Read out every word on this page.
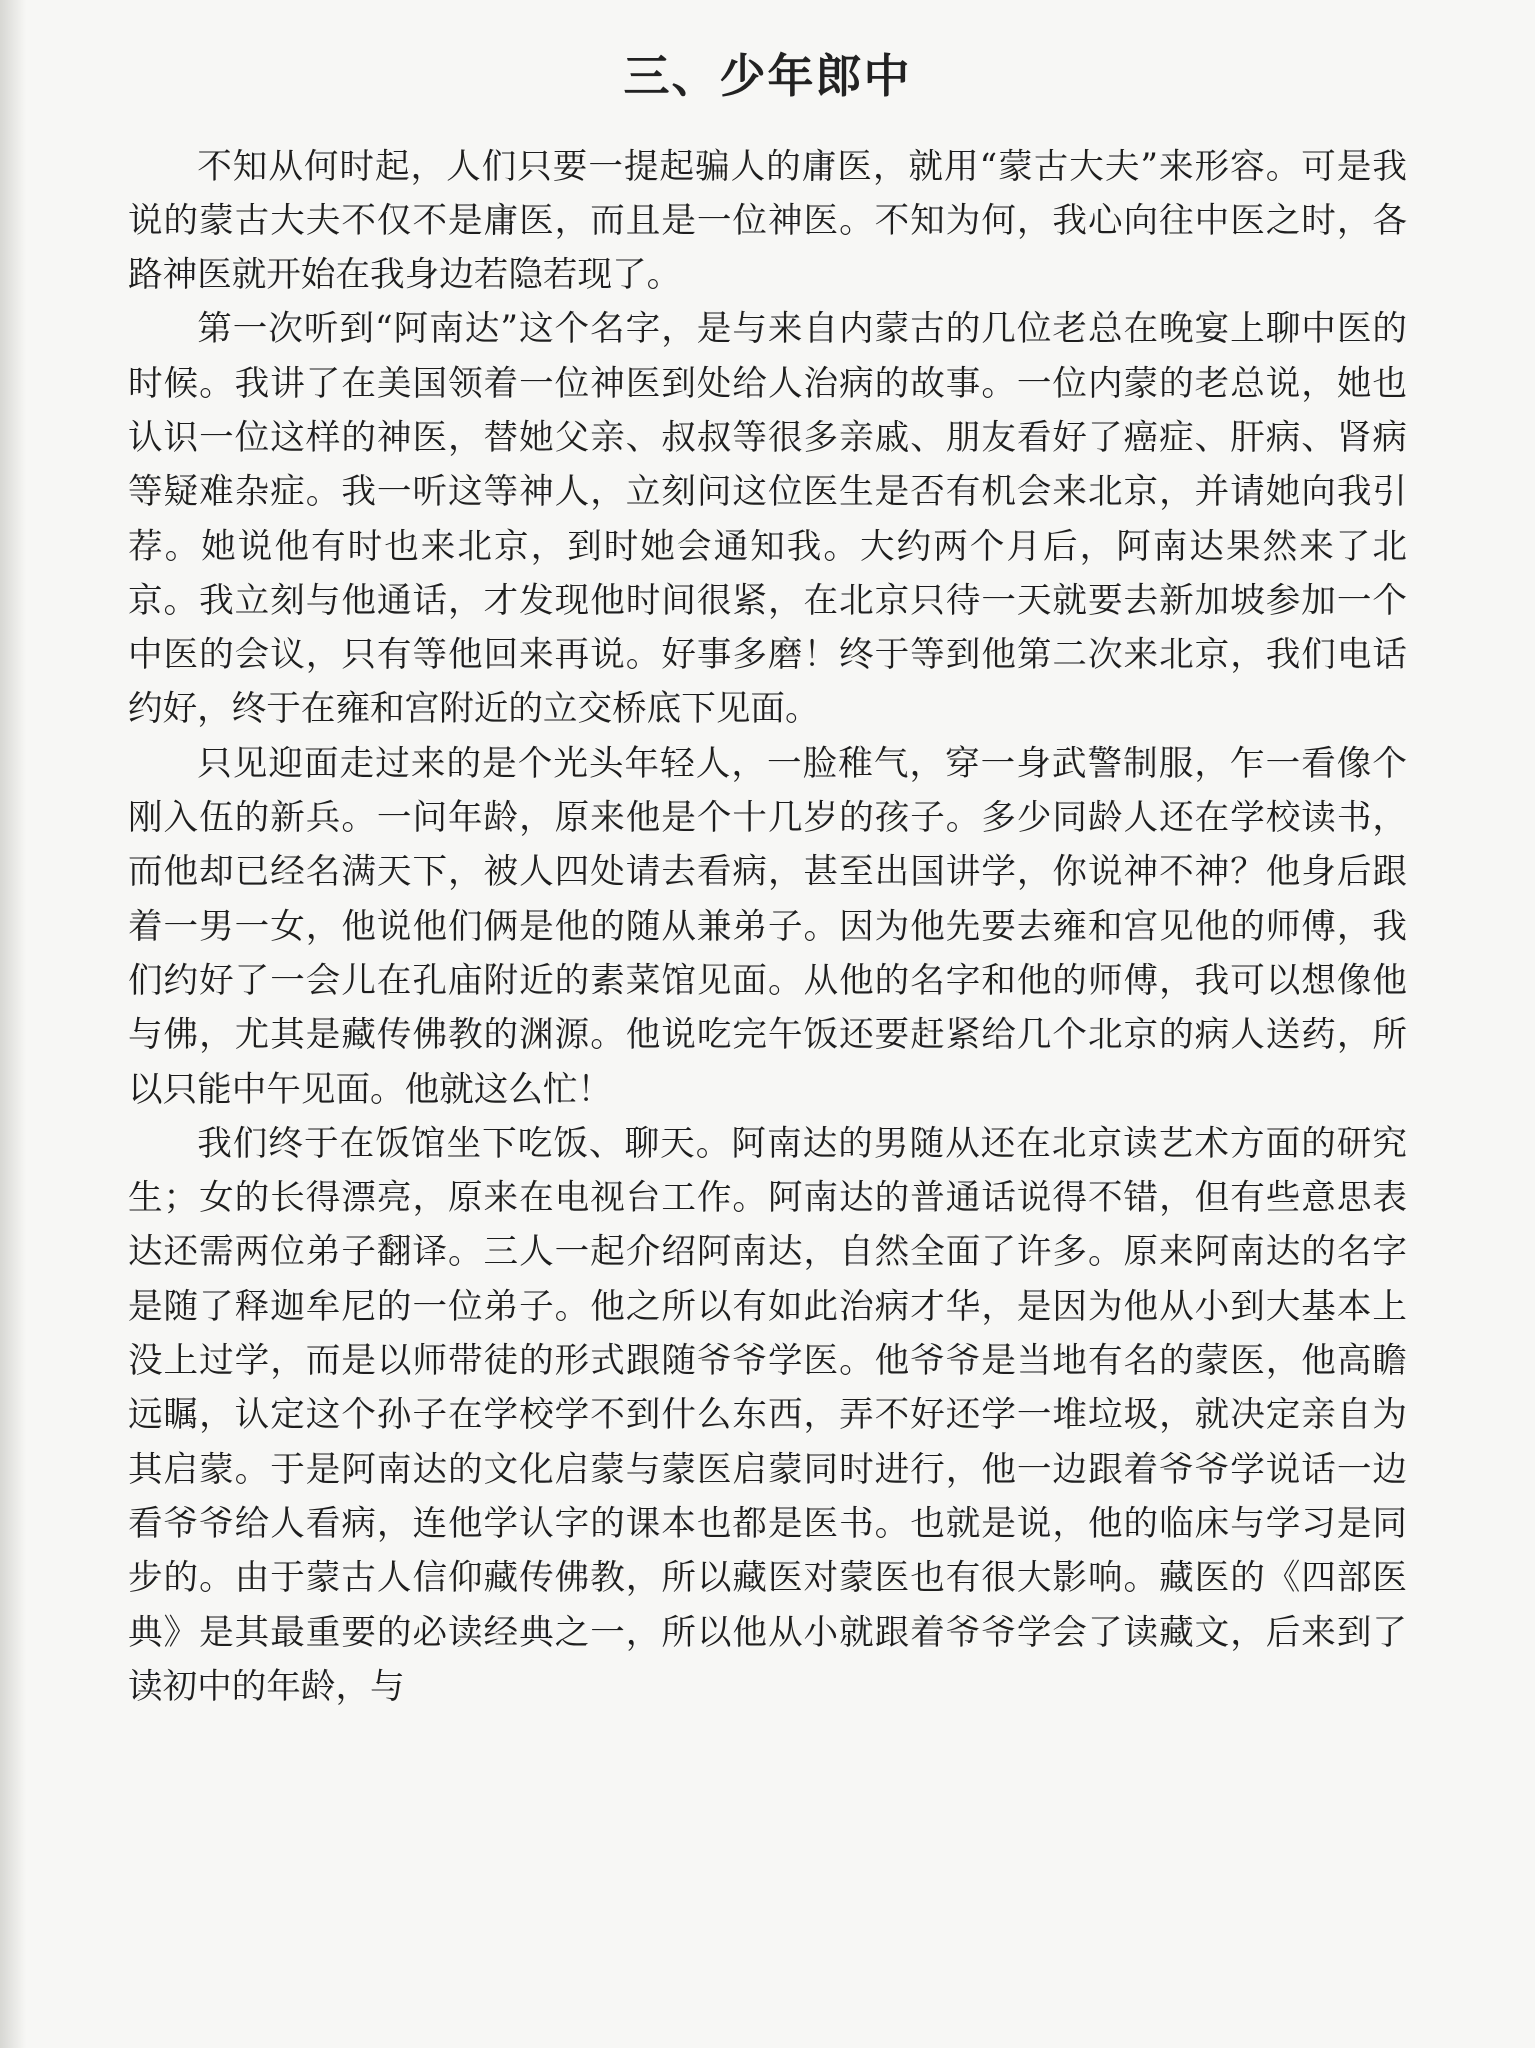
三、少年郎中

不知从何时起，人们只要一提起骗人的庸医，就用“蒙古大夫”来形容。可是我说的蒙古大夫不仅不是庸医，而且是一位神医。不知为何，我心向往中医之时，各路神医就开始在我身边若隐若现了。

第一次听到“阿南达”这个名字，是与来自内蒙古的几位老总在晚宴上聊中医的时候。我讲了在美国领着一位神医到处给人治病的故事。一位内蒙的老总说，她也认识一位这样的神医，替她父亲、叔叔等很多亲戚、朋友看好了癌症、肝病、肾病等疑难杂症。我一听这等神人，立刻问这位医生是否有机会来北京，并请她向我引荐。她说他有时也来北京，到时她会通知我。大约两个月后，阿南达果然来了北京。我立刻与他通话，才发现他时间很紧，在北京只待一天就要去新加坡参加一个中医的会议，只有等他回来再说。好事多磨！终于等到他第二次来北京，我们电话约好，终于在雍和宫附近的立交桥底下见面。

只见迎面走过来的是个光头年轻人，一脸稚气，穿一身武警制服，乍一看像个刚入伍的新兵。一问年龄，原来他是个十几岁的孩子。多少同龄人还在学校读书，而他却已经名满天下，被人四处请去看病，甚至出国讲学，你说神不神？他身后跟着一男一女，他说他们俩是他的随从兼弟子。因为他先要去雍和宫见他的师傅，我们约好了一会儿在孔庙附近的素菜馆见面。从他的名字和他的师傅，我可以想像他与佛，尤其是藏传佛教的渊源。他说吃完午饭还要赶紧给几个北京的病人送药，所以只能中午见面。他就这么忙！

我们终于在饭馆坐下吃饭、聊天。阿南达的男随从还在北京读艺术方面的研究生；女的长得漂亮，原来在电视台工作。阿南达的普通话说得不错，但有些意思表达还需两位弟子翻译。三人一起介绍阿南达，自然全面了许多。原来阿南达的名字是随了释迦牟尼的一位弟子。他之所以有如此治病才华，是因为他从小到大基本上没上过学，而是以师带徒的形式跟随爷爷学医。他爷爷是当地有名的蒙医，他高瞻远瞩，认定这个孙子在学校学不到什么东西，弄不好还学一堆垃圾，就决定亲自为其启蒙。于是阿南达的文化启蒙与蒙医启蒙同时进行，他一边跟着爷爷学说话一边看爷爷给人看病，连他学认字的课本也都是医书。也就是说，他的临床与学习是同步的。由于蒙古人信仰藏传佛教，所以藏医对蒙医也有很大影响。藏医的《四部医典》是其最重要的必读经典之一，所以他从小就跟着爷爷学会了读藏文，后来到了读初中的年龄，与
